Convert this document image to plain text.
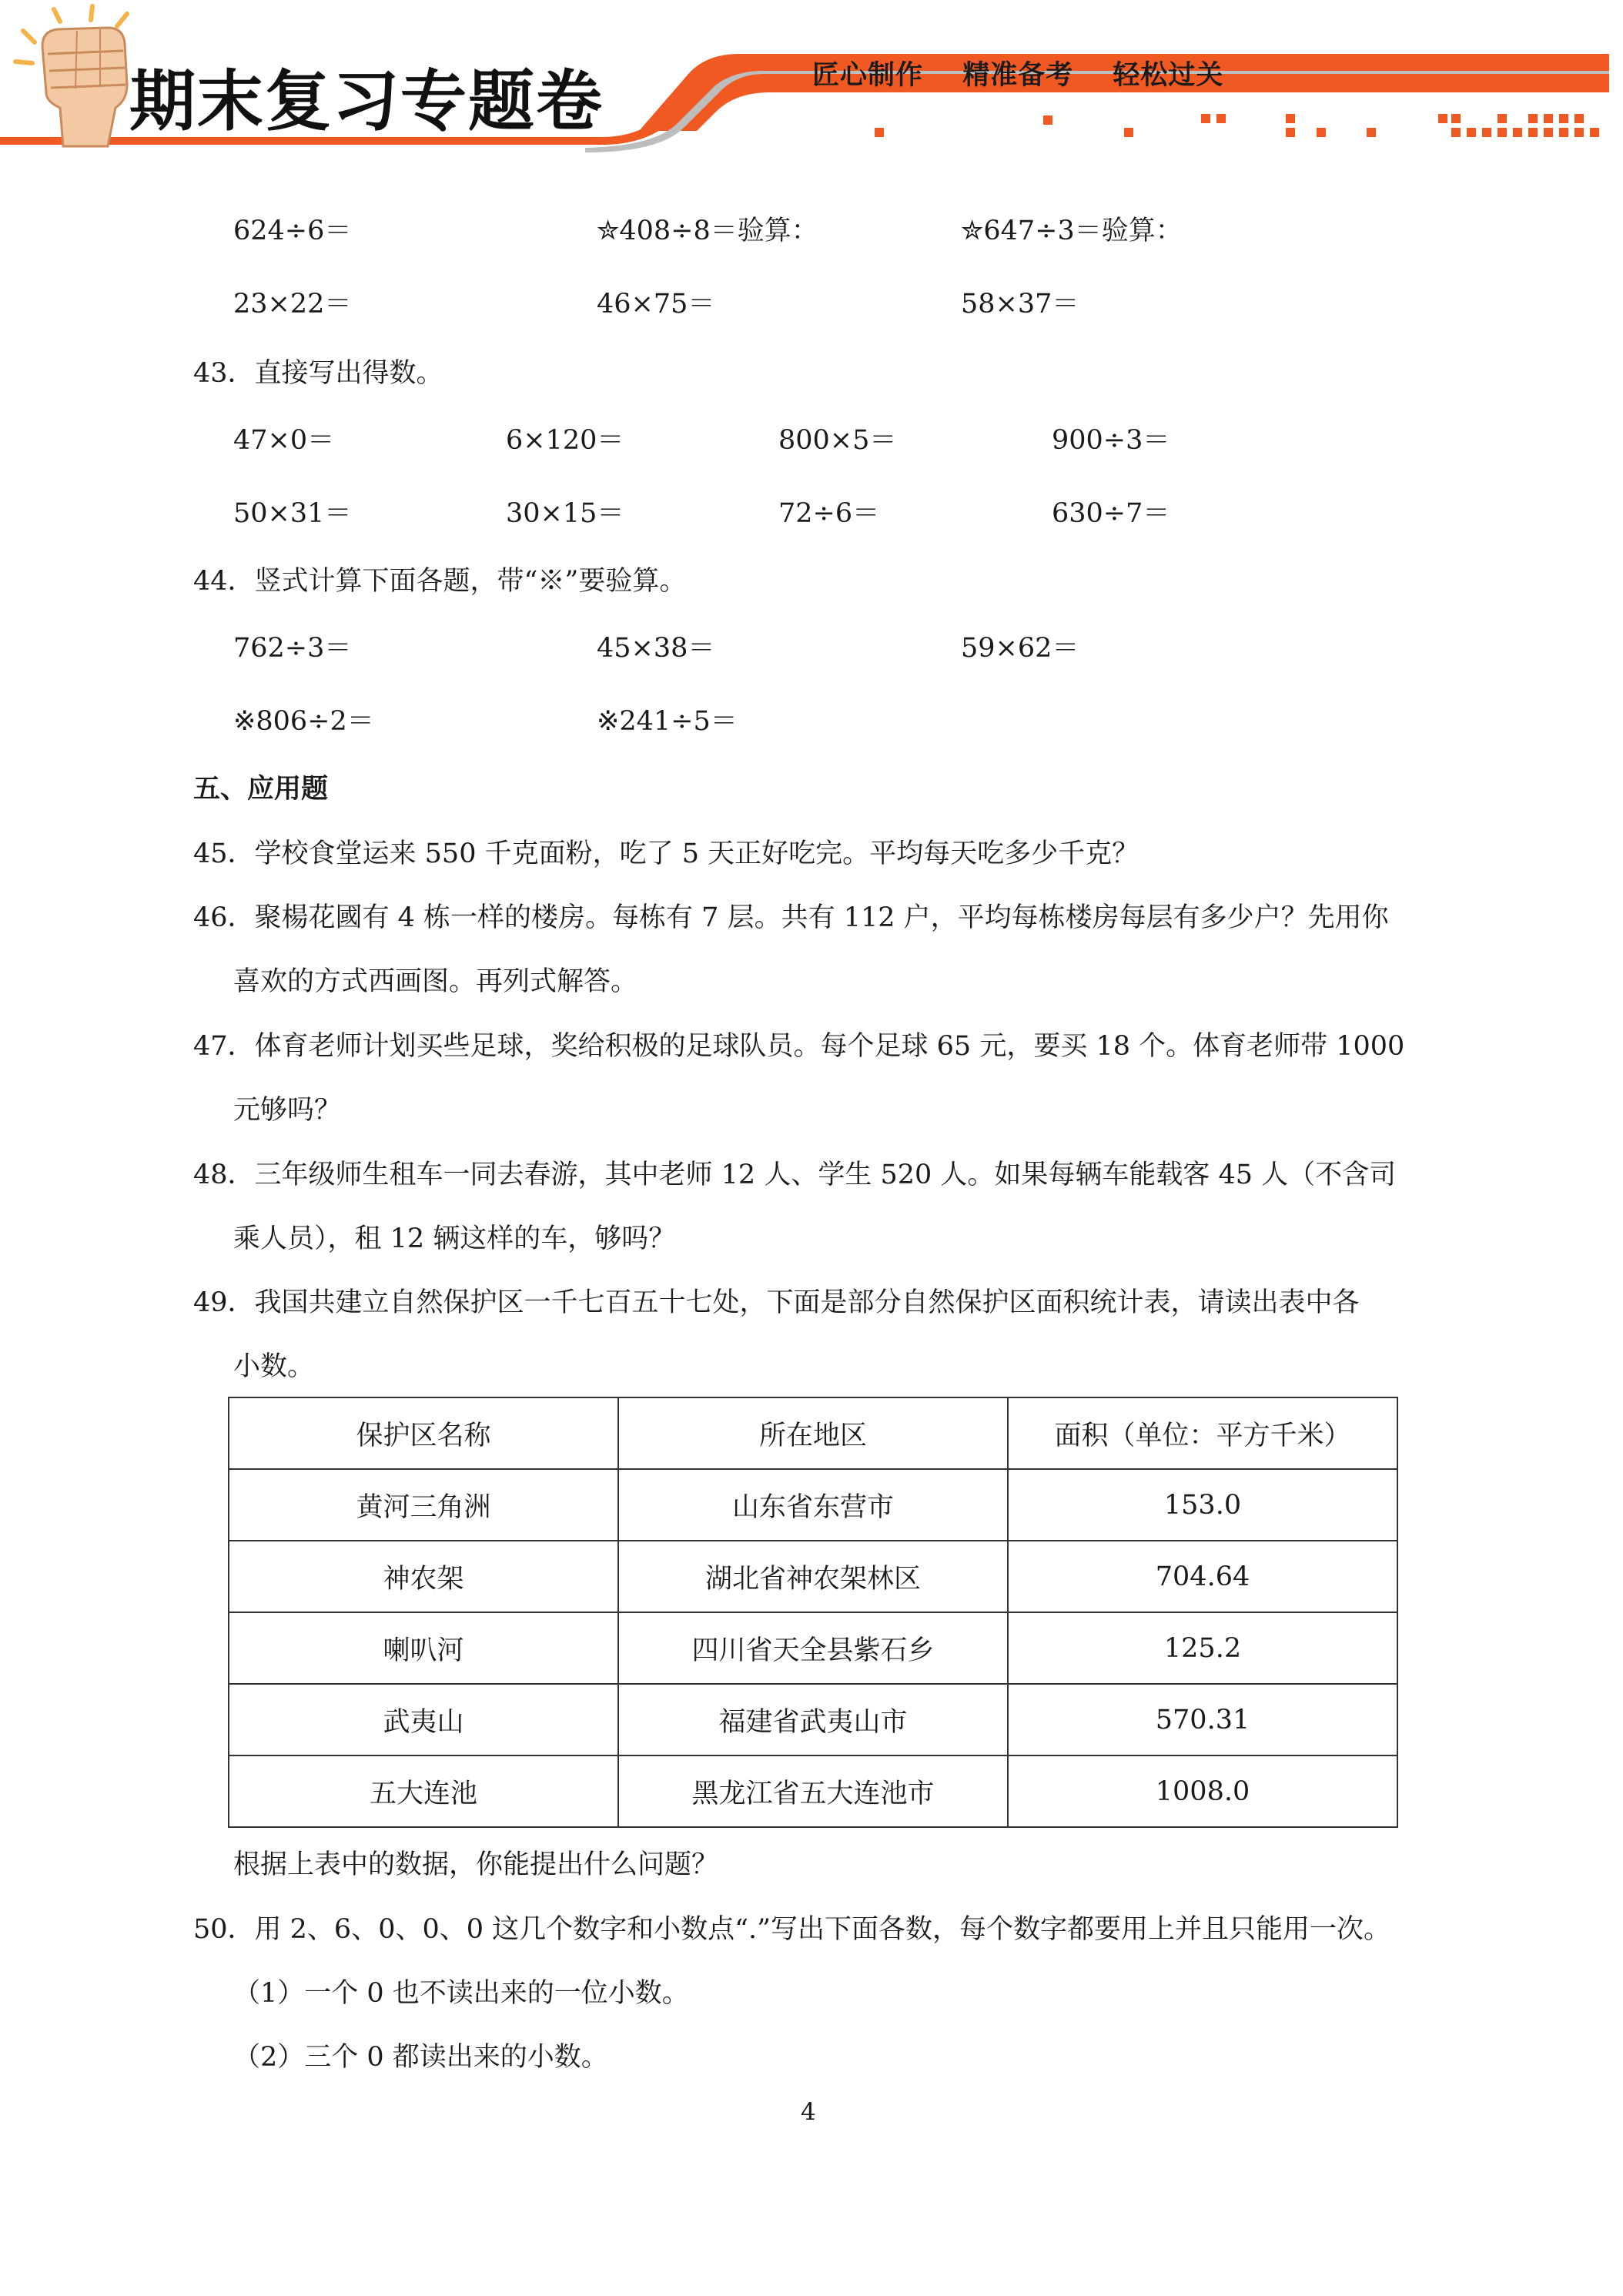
期末复习专题卷	匠心制作 精准备考 轻松过关
624÷6＝	✮408÷8＝验算：	✮647÷3＝验算：
23×22＝	46×75＝	58×37＝
43．直接写出得数。
47×0＝	6×120＝	800×5＝	900÷3＝
50×31＝	30×15＝	72÷6＝	630÷7＝
44．竖式计算下面各题，带“※”要验算。
762÷3＝	45×38＝	59×62＝
※806÷2＝	※241÷5＝
五、应用题
45．学校食堂运来 550 千克面粉，吃了 5 天正好吃完。平均每天吃多少千克？
46．聚楊花國有 4 栋一样的楼房。每栋有 7 层。共有 112 户，平均每栋楼房每层有多少户？先用你
喜欢的方式西画图。再列式解答。
47．体育老师计划买些足球，奖给积极的足球队员。每个足球 65 元，要买 18 个。体育老师带 1000
元够吗？
48．三年级师生租车一同去春游，其中老师 12 人、学生 520 人。如果每辆车能载客 45 人（不含司
乘人员），租 12 辆这样的车，够吗？
49．我国共建立自然保护区一千七百五十七处，下面是部分自然保护区面积统计表，请读出表中各
小数。
保护区名称	所在地区	面积（单位：平方千米）
黄河三角洲	山东省东营市	153.0
神农架	湖北省神农架林区	704.64
喇叭河	四川省天全县紫石乡	125.2
武夷山	福建省武夷山市	570.31
五大连池	黑龙江省五大连池市	1008.0
根据上表中的数据，你能提出什么问题？
50．用 2、6、0、0、0 这几个数字和小数点“.”写出下面各数，每个数字都要用上并且只能用一次。
（1）一个 0 也不读出来的一位小数。
（2）三个 0 都读出来的小数。
4
